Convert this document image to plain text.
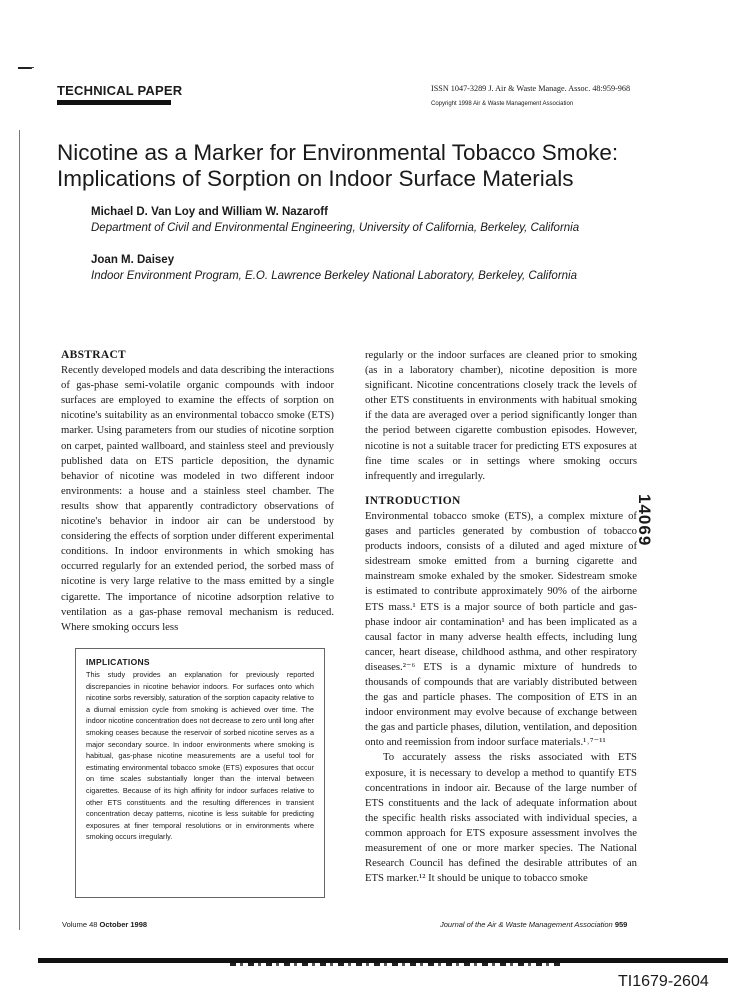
TECHNICAL PAPER	ISSN 1047-3289 J. Air & Waste Manage. Assoc. 48:959-968
Copyright 1998 Air & Waste Management Association
Nicotine as a Marker for Environmental Tobacco Smoke:
Implications of Sorption on Indoor Surface Materials
Michael D. Van Loy and William W. Nazaroff
Department of Civil and Environmental Engineering, University of California, Berkeley, California
Joan M. Daisey
Indoor Environment Program, E.O. Lawrence Berkeley National Laboratory, Berkeley, California
ABSTRACT

Recently developed models and data describing the interactions of gas-phase semi-volatile organic compounds with indoor surfaces are employed to examine the effects of sorption on nicotine's suitability as an environmental tobacco smoke (ETS) marker. Using parameters from our studies of nicotine sorption on carpet, painted wallboard, and stainless steel and previously published data on ETS particle deposition, the dynamic behavior of nicotine was modeled in two different indoor environments: a house and a stainless steel chamber. The results show that apparently contradictory observations of nicotine's behavior in indoor air can be understood by considering the effects of sorption under different experimental conditions. In indoor environments in which smoking has occurred regularly for an extended period, the sorbed mass of nicotine is very large relative to the mass emitted by a single cigarette. The importance of nicotine adsorption relative to ventilation as a gas-phase removal mechanism is reduced. Where smoking occurs less

IMPLICATIONS

This study provides an explanation for previously reported discrepancies in nicotine behavior indoors. For surfaces onto which nicotine sorbs reversibly, saturation of the sorption capacity relative to a diurnal emission cycle from smoking is achieved over time. The indoor nicotine concentration does not decrease to zero until long after smoking ceases because the reservoir of sorbed nicotine serves as a major secondary source. In indoor environments where smoking is habitual, gas-phase nicotine measurements are a useful tool for estimating environmental tobacco smoke (ETS) exposures that occur on time scales substantially longer than the interval between cigarettes. Because of its high affinity for indoor surfaces relative to other ETS constituents and the resulting differences in transient concentration decay patterns, nicotine is less suitable for predicting exposures at finer temporal resolutions or in environments where smoking occurs irregularly.

regularly or the indoor surfaces are cleaned prior to smoking (as in a laboratory chamber), nicotine deposition is more significant. Nicotine concentrations closely track the levels of other ETS constituents in environments with habitual smoking if the data are averaged over a period significantly longer than the period between cigarette combustion episodes. However, nicotine is not a suitable tracer for predicting ETS exposures at fine time scales or in settings where smoking occurs infrequently and irregularly.

INTRODUCTION

Environmental tobacco smoke (ETS), a complex mixture of gases and particles generated by combustion of tobacco products indoors, consists of a diluted and aged mixture of sidestream smoke emitted from a burning cigarette and mainstream smoke exhaled by the smoker. Sidestream smoke is estimated to contribute approximately 90% of the airborne ETS mass.¹ ETS is a major source of both particle and gas-phase indoor air contamination¹ and has been implicated as a causal factor in many adverse health effects, including lung cancer, heart disease, childhood asthma, and other respiratory diseases.²⁻⁶ ETS is a dynamic mixture of hundreds to thousands of compounds that are variably distributed between the gas and particle phases. The composition of ETS in an indoor environment may evolve because of exchange between the gas and particle phases, dilution, ventilation, and deposition onto and reemission from indoor surface materials.¹˒⁷⁻¹¹

To accurately assess the risks associated with ETS exposure, it is necessary to develop a method to quantify ETS concentrations in indoor air. Because of the large number of ETS constituents and the lack of adequate information about the specific health risks associated with individual species, a common approach for ETS exposure assessment involves the measurement of one or more marker species. The National Research Council has defined the desirable attributes of an ETS marker.¹² It should be unique to tobacco smoke

14069
Volume 48 October 1998	Journal of the Air & Waste Management Association 959
TI1679-2604
